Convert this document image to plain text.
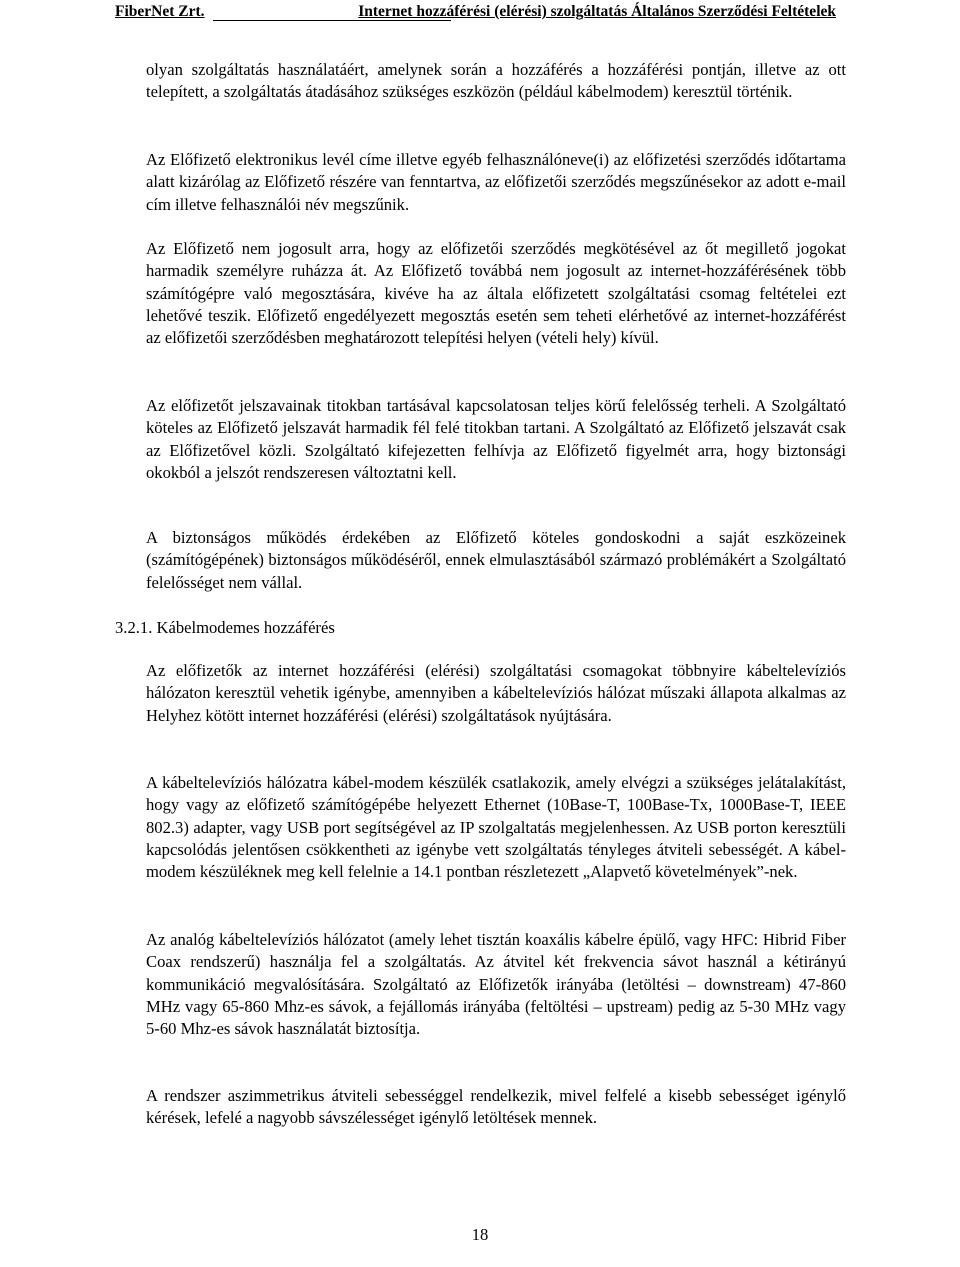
FiberNet Zrt.	Internet hozzáférési (elérési) szolgáltatás Általános Szerződési Feltételek

olyan szolgáltatás használatáért, amelynek során a hozzáférés a hozzáférési pontján, illetve az ott telepített, a szolgáltatás átadásához szükséges eszközön (például kábelmodem) keresztül történik.

Az Előfizető elektronikus levél címe illetve egyéb felhasználóneve(i) az előfizetési szerződés időtartama alatt kizárólag az Előfizető részére van fenntartva, az előfizetői szerződés megszűnésekor az adott e-mail cím illetve felhasználói név megszűnik.

Az Előfizető nem jogosult arra, hogy az előfizetői szerződés megkötésével az őt megillető jogokat harmadik személyre ruházza át. Az Előfizető továbbá nem jogosult az internet-hozzáférésének több számítógépre való megosztására, kivéve ha az általa előfizetett szolgáltatási csomag feltételei ezt lehetővé teszik. Előfizető engedélyezett megosztás esetén sem teheti elérhetővé az internet-hozzáférést az előfizetői szerződésben meghatározott telepítési helyen (vételi hely) kívül.

Az előfizetőt jelszavainak titokban tartásával kapcsolatosan teljes körű felelősség terheli. A Szolgáltató köteles az Előfizető jelszavát harmadik fél felé titokban tartani. A Szolgáltató az Előfizető jelszavát csak az Előfizetővel közli. Szolgáltató kifejezetten felhívja az Előfizető figyelmét arra, hogy biztonsági okokból a jelszót rendszeresen változtatni kell.

A biztonságos működés érdekében az Előfizető köteles gondoskodni a saját eszközeinek (számítógépének) biztonságos működéséről, ennek elmulasztásából származó problémákért a Szolgáltató felelősséget nem vállal.

3.2.1. Kábelmodemes hozzáférés

Az előfizetők az internet hozzáférési (elérési) szolgáltatási csomagokat többnyire kábeltelevíziós hálózaton keresztül vehetik igénybe, amennyiben a kábeltelevíziós hálózat műszaki állapota alkalmas az Helyhez kötött internet hozzáférési (elérési) szolgáltatások nyújtására.

A kábeltelevíziós hálózatra kábel-modem készülék csatlakozik, amely elvégzi a szükséges jelátalakítást, hogy vagy az előfizető számítógépébe helyezett Ethernet (10Base-T, 100Base-Tx, 1000Base-T, IEEE 802.3) adapter, vagy USB port segítségével az IP szolgaltatás megjelenhessen. Az USB porton keresztüli kapcsolódás jelentősen csökkentheti az igénybe vett szolgáltatás tényleges átviteli sebességét. A kábel-modem készüléknek meg kell felelnie a 14.1 pontban részletezett „Alapvető követelmények”-nek.

Az analóg kábeltelevíziós hálózatot (amely lehet tisztán koaxális kábelre épülő, vagy HFC: Hibrid Fiber Coax rendszerű) használja fel a szolgáltatás. Az átvitel két frekvencia sávot használ a kétirányú kommunikáció megvalósítására. Szolgáltató az Előfizetők irányába (letöltési – downstream) 47-860 MHz vagy 65-860 Mhz-es sávok, a fejállomás irányába (feltöltési – upstream) pedig az 5-30 MHz vagy 5-60 Mhz-es sávok használatát biztosítja.

A rendszer aszimmetrikus átviteli sebességgel rendelkezik, mivel felfelé a kisebb sebességet igénylő kérések, lefelé a nagyobb sávszélességet igénylő letöltések mennek.

18
